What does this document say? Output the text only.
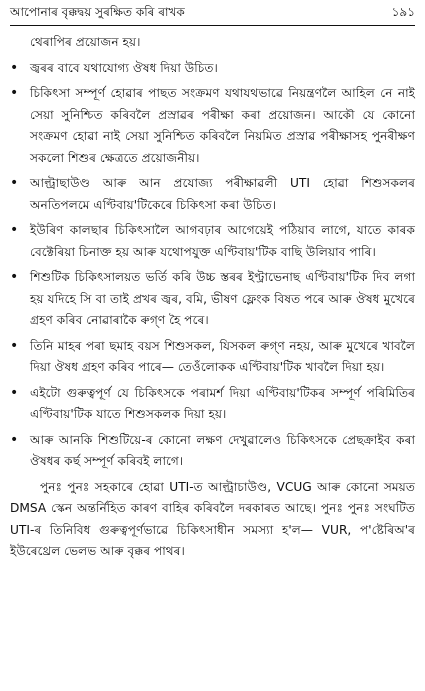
আপোনাৰ বৃক্কদ্বয় সুৰক্ষিত কৰি ৰাখক	১৯১

থেৰাপিৰ প্ৰয়োজন হয়।

• জ্বৰৰ বাবে যথাযোগ্য ঔষধ দিয়া উচিত।
• চিকিৎসা সম্পূৰ্ণ হোৱাৰ পাছত সংক্ৰমণ যথাযথভাৱে নিয়ন্ত্ৰণলৈ আহিল নে নাই সেয়া সুনিশ্চিত কৰিবলৈ প্ৰস্ৰাৱৰ পৰীক্ষা কৰা প্ৰয়োজন। আকৌ যে কোনো সংক্ৰমণ হোৱা নাই সেয়া সুনিশ্চিত কৰিবলৈ নিয়মিত প্ৰস্ৰাৱ পৰীক্ষাসহ পুনৰীক্ষণ সকলো শিশুৰ ক্ষেত্ৰতে প্ৰয়োজনীয়।
• আল্ট্ৰাছাউণ্ড আৰু আন প্ৰযোজ্য পৰীক্ষাৱলী UTI হোৱা শিশুসকলৰ অনতিপলমে এণ্টিবায়'টিকেৰে চিকিৎসা কৰা উচিত।
• ইউৰিণ কালছাৰ চিকিৎসালৈ আগবঢ়াৰ আগেয়েই পঠিয়াব লাগে, যাতে কাৰক বেক্টেৰিয়া চিনাক্ত হয় আৰু যথোপযুক্ত এণ্টিবায়'টিক বাছি উলিয়াব পাৰি।
• শিশুটিক চিকিৎসালয়ত ভৰ্তি কৰি উচ্চ স্তৰৰ ইণ্ট্ৰাভেনাছ এণ্টিবায়'টিক দিব লগা হয় যদিহে সি বা তাই প্ৰখৰ জ্বৰ, বমি, ভীষণ ফ্লেংক বিষত পৰে আৰু ঔষধ মুখেৰে গ্ৰহণ কৰিব নোৱাৰাকৈ ৰুগ্ণ হৈ পৰে।
• তিনি মাহৰ পৰা ছমাহ বয়স শিশুসকল, যিসকল ৰুগ্ণ নহয়, আৰু মুখেৰে খাবলৈ দিয়া ঔষধ গ্ৰহণ কৰিব পাৰে— তেওঁলোকক এণ্টিবায়'টিক খাবলৈ দিয়া হয়।
• এইটো গুৰুত্বপূৰ্ণ যে চিকিৎসকে পৰামৰ্শ দিয়া এণ্টিবায়'টিকৰ সম্পূৰ্ণ পৰিমিতিৰ এণ্টিবায়'টিক যাতে শিশুসকলক দিয়া হয়।
• আৰু আনকি শিশুটিয়ে-ৰ কোনো লক্ষণ দেখুৱালেও চিকিৎসকে প্ৰেছক্ৰাইব কৰা ঔষধৰ কৰ্ছ সম্পূৰ্ণ কৰিবই লাগে।

পুনঃ পুনঃ সহকাৰে হোৱা UTI-ত আল্ট্ৰাচাউণ্ড, VCUG আৰু কোনো সময়ত DMSA স্কেন অন্তৰ্নিহিত কাৰণ বাহিৰ কৰিবলৈ দৰকাৰত আছে। পুনঃ পুনঃ সংঘটিত UTI-ৰ তিনিবিধ গুৰুত্বপূৰ্ণভাৱে চিকিৎসাধীন সমস্যা হ'ল— VUR, প'ষ্টেৰিঅ'ৰ ইউৰেথ্ৰেল ভেলভ আৰু বৃক্কৰ পাথৰ।
